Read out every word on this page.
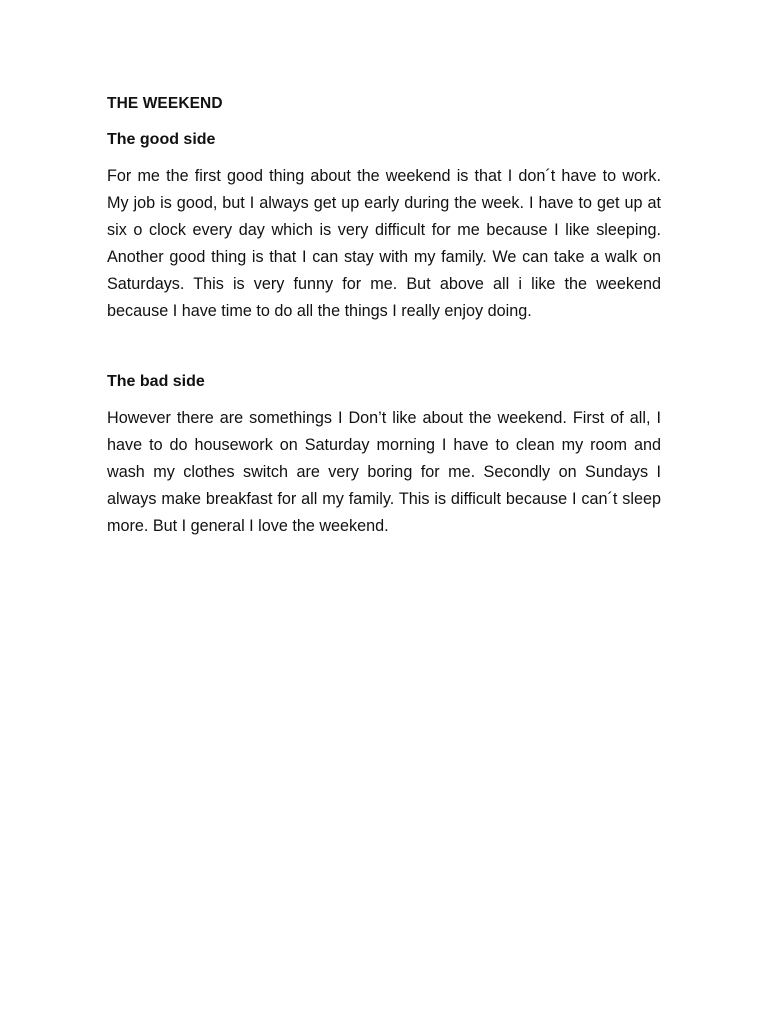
THE WEEKEND
The good side

For me the first good thing about the weekend is that I don´t have to work. My job is good, but I always get up early during the week. I have to get up at six o clock every day which is very difficult for me because I like sleeping. Another good thing is that I can stay with my family. We can take a walk on Saturdays. This is very funny for me. But above all i like the weekend because I have time to do all the things I really enjoy doing.

The bad side

However there are somethings I Don’t like about the weekend. First of all, I have to do housework on Saturday morning I have to clean my room and wash my clothes switch are very boring for me. Secondly on Sundays I always make breakfast for all my family. This is difficult because I can´t sleep more. But I general I love the weekend.
